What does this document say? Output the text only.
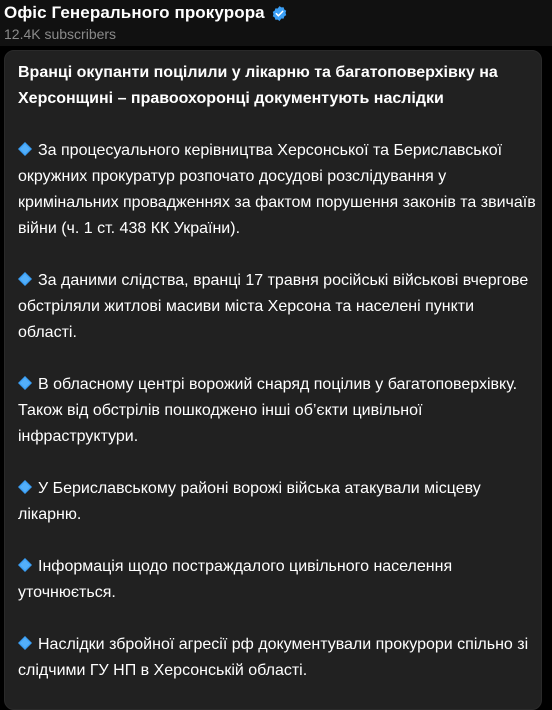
Офіс Генерального прокурора
12.4K subscribers

Вранці окупанти поцілили у лікарню та багатоповерхівку на Херсонщині – правоохоронці документують наслідки

За процесуального керівництва Херсонської та Бериславської окружних прокуратур розпочато досудові розслідування у кримінальних провадженнях за фактом порушення законів та звичаїв війни (ч. 1 ст. 438 КК України).

За даними слідства, вранці 17 травня російські військові вчергове обстріляли житлові масиви міста Херсона та населені пункти області.

В обласному центрі ворожий снаряд поцілив у багатоповерхівку. Також від обстрілів пошкоджено інші об’єкти цивільної інфраструктури.

У Бериславському районі ворожі війська атакували місцеву лікарню.

Інформація щодо постраждалого цивільного населення уточнюється.

Наслідки збройної агресії рф документували прокурори спільно зі слідчими ГУ НП в Херсонській області.
